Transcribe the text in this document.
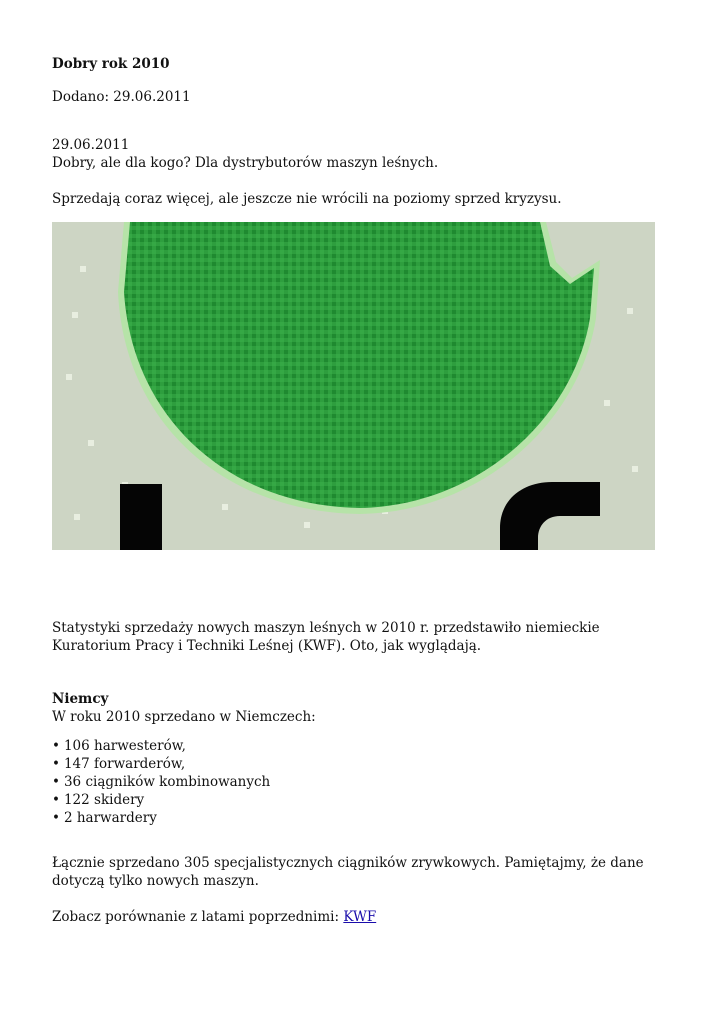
Dobry rok 2010

Dodano: 29.06.2011

29.06.2011

Dobry, ale dla kogo? Dla dystrybutorów maszyn leśnych.

Sprzedają coraz więcej, ale jeszcze nie wrócili na poziomy sprzed kryzysu.

Statystyki sprzedaży nowych maszyn leśnych w 2010 r. przedstawiło niemieckie Kuratorium Pracy i Techniki Leśnej (KWF). Oto, jak wyglądają.

Niemcy

W roku 2010 sprzedano w Niemczech:

• 106 harwesterów,
• 147 forwarderów,
• 36 ciągników kombinowanych
• 122 skidery
• 2 harwardery

Łącznie sprzedano 305 specjalistycznych ciągników zrywkowych. Pamiętajmy, że dane dotyczą tylko nowych maszyn.

Zobacz porównanie z latami poprzednimi: KWF
